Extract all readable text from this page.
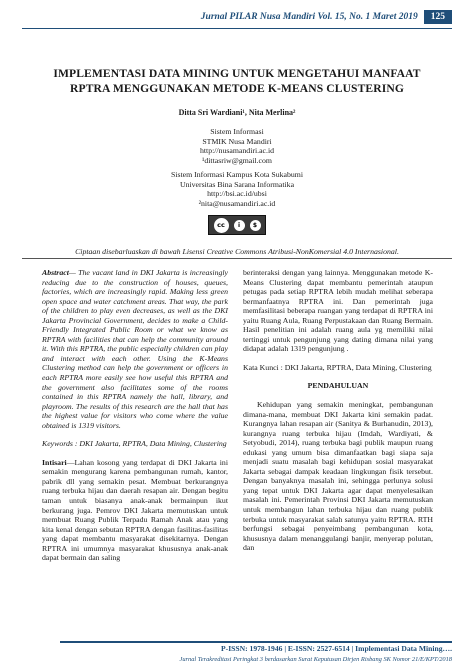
Jurnal PILAR Nusa Mandiri Vol. 15, No. 1 Maret 2019	125
IMPLEMENTASI DATA MINING UNTUK MENGETAHUI MANFAAT
RPTRA MENGGUNAKAN METODE K-MEANS CLUSTERING
Ditta Sri Wardiani¹, Nita Merlina²
Sistem Informasi
STMIK Nusa Mandiri
http://nusamandiri.ac.id
¹dittasriw@gmail.com
Sistem Informasi Kampus Kota Sukabumi
Universitas Bina Sarana Informatika
http://bsi.ac.id/ubsi
²nita@nusamandiri.ac.id
cc	i	$
Ciptaan disebarluaskan di bawah Lisensi Creative Commons Atribusi-NonKomersial 4.0 Internasional.

Abstract— The vacant land in DKI Jakarta is increasingly reducing due to the construction of houses, queues, factories, which are increasingly rapid. Making less green open space and water catchment areas. That way, the park of the children to play even decreases, as well as the DKI Jakarta Provincial Government, decides to make a Child-Friendly Integrated Public Room or what we know as RPTRA with facilities that can help the community around it. With this RPTRA, the public especially children can play and interact with each other. Using the K-Means Clustering method can help the government or officers in each RPTRA more easily see how useful this RPTRA and the government also facilitates some of the rooms contained in this RPTRA namely the hall, library, and playroom. The results of this research are the hall that has the highest value for visitors who come where the value obtained is 1319 visitors.

Keywords : DKI Jakarta, RPTRA, Data Mining, Clustering

Intisari—Lahan kosong yang terdapat di DKI Jakarta ini semakin mengurang karena pembangunan rumah, kantor, pabrik dll yang semakin pesat. Membuat berkurangnya ruang terbuka hijau dan daerah resapan air. Dengan begitu taman untuk biasanya anak-anak bermainpun ikut berkurang juga. Pemrov DKI Jakarta memutuskan untuk membuat Ruang Publik Terpadu Ramah Anak atau yang kita kenal dengan sebutan RPTRA dengan fasilitas-fasilitas yang dapat membantu masyarakat disekitarnya. Dengan RPTRA ini umumnya masyarakat khususnya anak-anak dapat bermain dan saling

berinteraksi dengan yang lainnya. Menggunakan metode K-Means Clustering dapat membantu pemerintah ataupun petugas pada setiap RPTRA lebih mudah melihat seberapa bermanfaatnya RPTRA ini. Dan pemerintah juga memfasilitasi beberapa ruangan yang terdapat di RPTRA ini yaitu Ruang Aula, Ruang Perpustakaan dan Ruang Bermain. Hasil penelitian ini adalah ruang aula yg memiliki nilai tertinggi untuk pengunjung yang dating dimana nilai yang didapat adalah 1319 pengunjung .

Kata Kunci : DKI Jakarta, RPTRA, Data Mining, Clustering

PENDAHULUAN

Kehidupan yang semakin meningkat, pembangunan dimana-mana, membuat DKI Jakarta kini semakin padat. Kurangnya lahan resapan air (Sanitya & Burhanudin, 2013), kurangnya ruang terbuka hijau (Imdah, Wardiyati, & Setyobudi, 2014), ruang terbuka bagi publik maupun ruang edukasi yang umum bisa dimanfaatkan bagi siapa saja menjadi suatu masalah bagi kehidupan sosial masyarakat Jakarta sebagai dampak keadaan lingkungan fisik tersebut. Dengan banyaknya masalah ini, sehingga perlunya solusi yang tepat untuk DKI Jakarta agar dapat menyelesaikan masalah ini. Pemerintah Provinsi DKI Jakarta memutuskan untuk membangun lahan terbuka hijau dan ruang publik terbuka untuk masyarakat salah satunya yaitu RPTRA. RTH berfungsi sebagai penyeimbang pembangunan kota, khususnya dalam menanggulangi banjir, menyerap polutan, dan

P-ISSN: 1978-1946 | E-ISSN: 2527-6514 | Implementasi Data Mining….
Jurnal Terakreditasi Peringkat 3 berdasarkan Surat Keputusan Dirjen Risbang SK Nomor 21/E/KPT/2018
